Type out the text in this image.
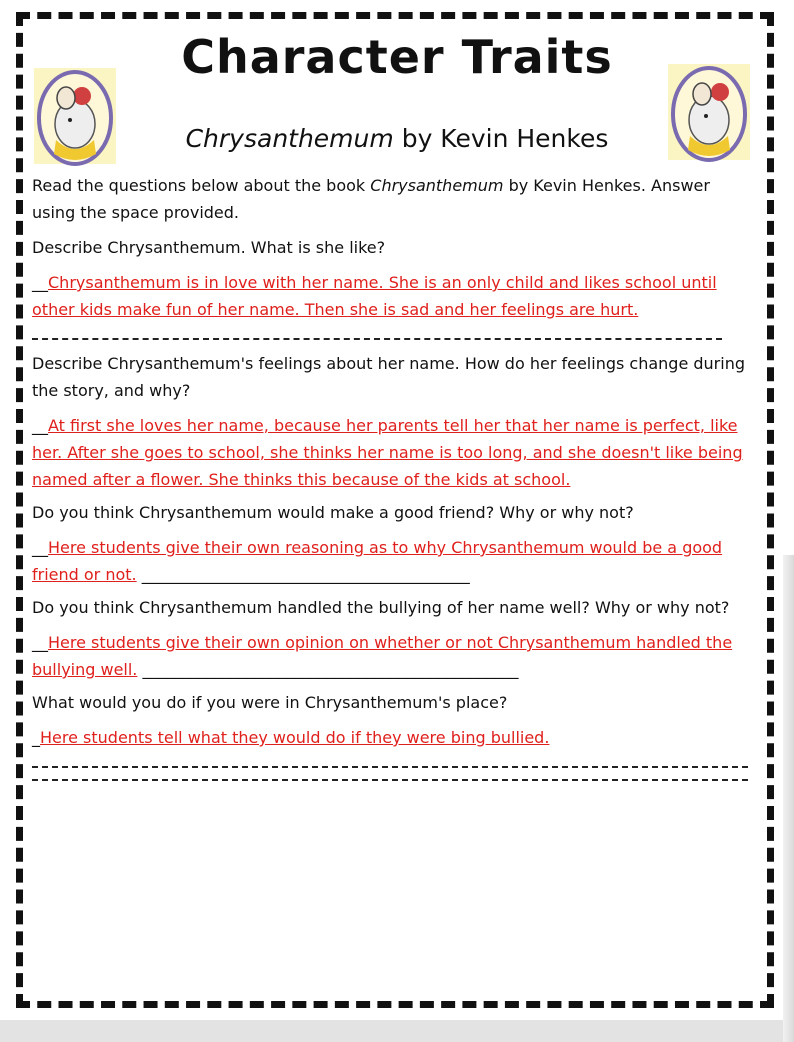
Character Traits
Chrysanthemum by Kevin Henkes

Read the questions below about the book Chrysanthemum by Kevin Henkes. Answer using the space provided.

Describe Chrysanthemum. What is she like?

__Chrysanthemum is in love with her name. She is an only child and likes school until other kids make fun of her name. Then she is sad and her feelings are hurt.

Describe Chrysanthemum's feelings about her name. How do her feelings change during the story, and why?

__At first she loves her name, because her parents tell her that her name is perfect, like her. After she goes to school, she thinks her name is too long, and she doesn't like being named after a flower. She thinks this because of the kids at school.

Do you think Chrysanthemum would make a good friend? Why or why not?

__Here students give their own reasoning as to why Chrysanthemum would be a good friend or not. _________________________________________

Do you think Chrysanthemum handled the bullying of her name well? Why or why not?

__Here students give their own opinion on whether or not Chrysanthemum handled the bullying well. _______________________________________________

What would you do if you were in Chrysanthemum's place?

_Here students tell what they would do if they were bing bullied.
